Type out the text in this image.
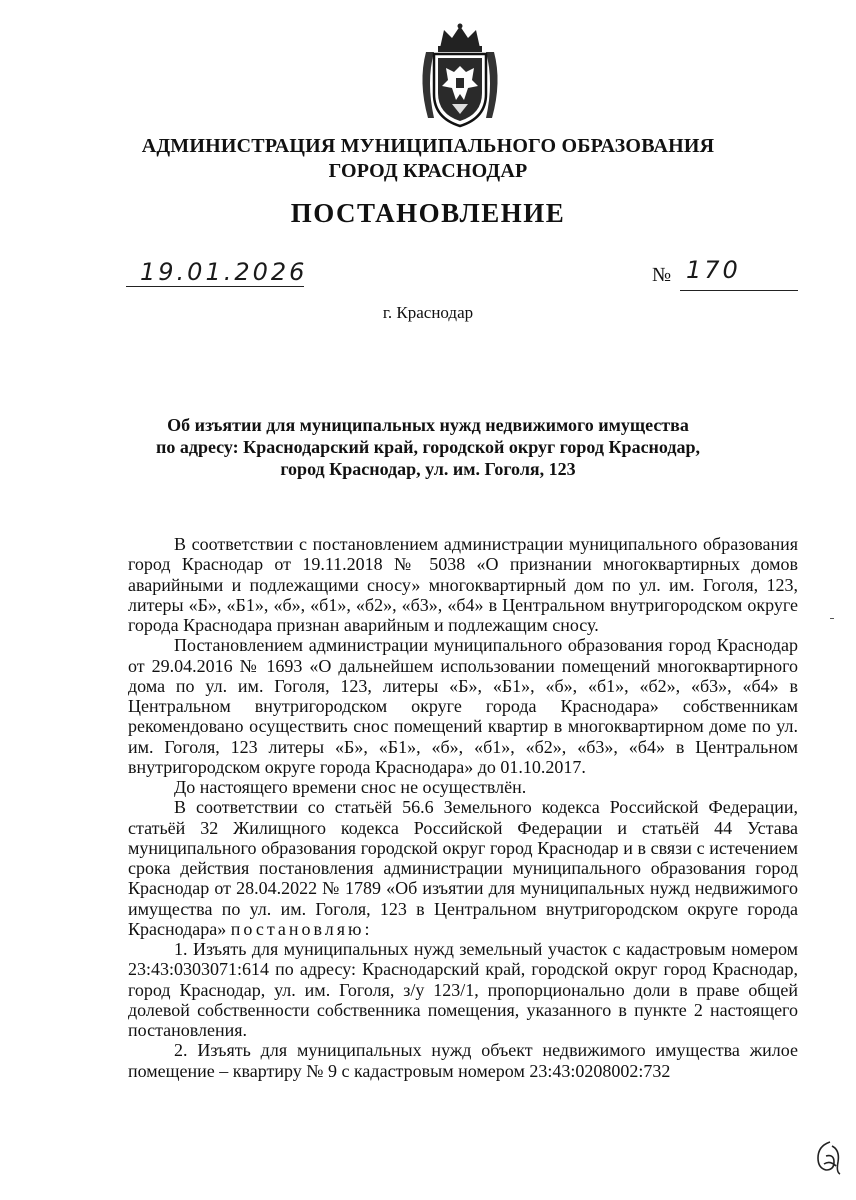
АДМИНИСТРАЦИЯ МУНИЦИПАЛЬНОГО ОБРАЗОВАНИЯ
ГОРОД КРАСНОДАР
ПОСТАНОВЛЕНИЕ
19.01.2026	№ 170
г. Краснодар
Об изъятии для муниципальных нужд недвижимого имущества
по адресу: Краснодарский край, городской округ город Краснодар,
город Краснодар, ул. им. Гоголя, 123

В соответствии с постановлением администрации муниципального образования город Краснодар от 19.11.2018 № 5038 «О признании многоквартирных домов аварийными и подлежащими сносу» многоквартирный дом по ул. им. Гоголя, 123, литеры «Б», «Б1», «б», «б1», «б2», «б3», «б4» в Центральном внутригородском округе города Краснодара признан аварийным и подлежащим сносу.

Постановлением администрации муниципального образования город Краснодар от 29.04.2016 № 1693 «О дальнейшем использовании помещений многоквартирного дома по ул. им. Гоголя, 123, литеры «Б», «Б1», «б», «б1», «б2», «б3», «б4» в Центральном внутригородском округе города Краснодара» собственникам рекомендовано осуществить снос помещений квартир в многоквартирном доме по ул. им. Гоголя, 123 литеры «Б», «Б1», «б», «б1», «б2», «б3», «б4» в Центральном внутригородском округе города Краснодара» до 01.10.2017.

До настоящего времени снос не осуществлён.

В соответствии со статьёй 56.6 Земельного кодекса Российской Федерации, статьёй 32 Жилищного кодекса Российской Федерации и статьёй 44 Устава муниципального образования городской округ город Краснодар и в связи с истечением срока действия постановления администрации муниципального образования город Краснодар от 28.04.2022 № 1789 «Об изъятии для муниципальных нужд недвижимого имущества по ул. им. Гоголя, 123 в Центральном внутригородском округе города Краснодара» постановляю:

1. Изъять для муниципальных нужд земельный участок с кадастровым номером 23:43:0303071:614 по адресу: Краснодарский край, городской округ город Краснодар, город Краснодар, ул. им. Гоголя, з/у 123/1, пропорционально доли в праве общей долевой собственности собственника помещения, указанного в пункте 2 настоящего постановления.

2. Изъять для муниципальных нужд объект недвижимого имущества жилое помещение – квартиру № 9 с кадастровым номером 23:43:0208002:732
